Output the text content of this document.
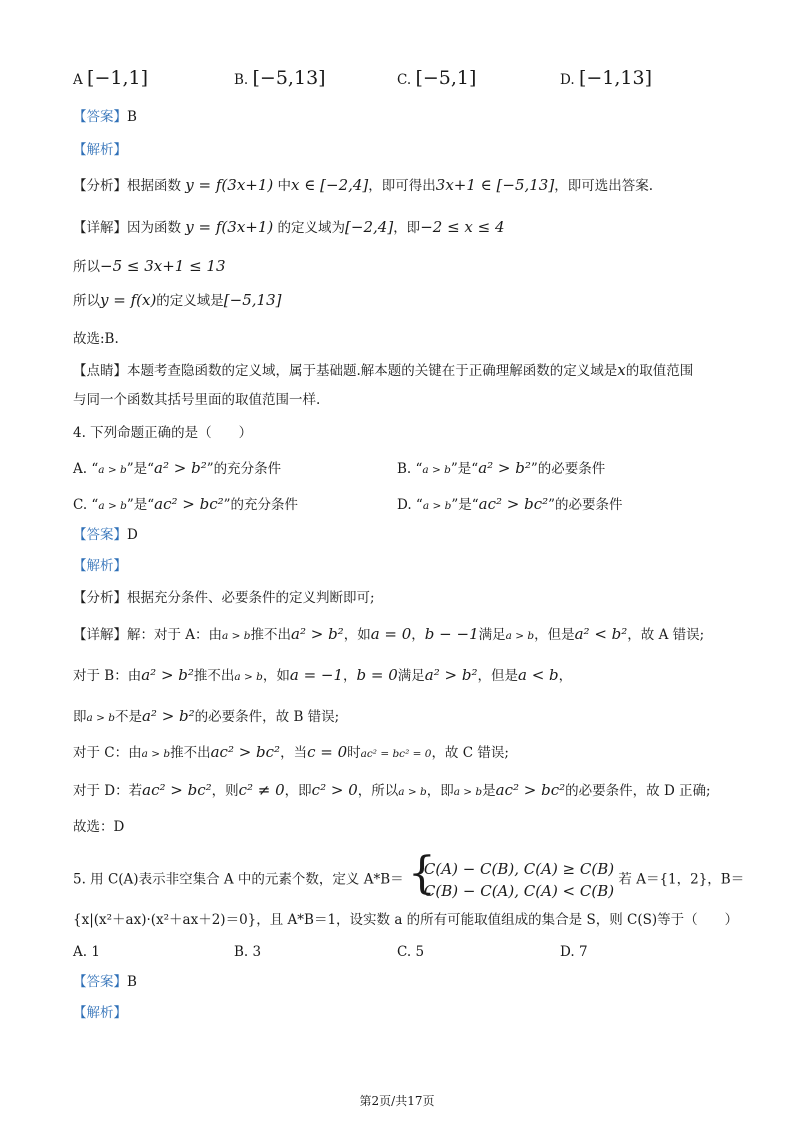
A [−1,1]	B. [−5,13]	C. [−5,1]	D. [−1,13]
【答案】B
【解析】
【分析】根据函数 y = f(3x+1) 中x ∈ [−2,4]，即可得出3x+1 ∈ [−5,13]，即可选出答案.
【详解】因为函数 y = f(3x+1) 的定义域为[−2,4]，即−2 ≤ x ≤ 4
所以−5 ≤ 3x+1 ≤ 13
所以y = f(x)的定义域是[−5,13]
故选:B.
【点睛】本题考查隐函数的定义域，属于基础题.解本题的关键在于正确理解函数的定义域是x的取值范围
与同一个函数其括号里面的取值范围一样.
4. 下列命题正确的是（　　）
A. “a > b”是“a² > b²”的充分条件	B. “a > b”是“a² > b²”的必要条件
C. “a > b”是“ac² > bc²”的充分条件	D. “a > b”是“ac² > bc²”的必要条件
【答案】D
【解析】
【分析】根据充分条件、必要条件的定义判断即可;
【详解】解：对于 A：由a > b推不出a² > b²，如a = 0，b − −1满足a > b，但是a² < b²，故 A 错误;
对于 B：由a² > b²推不出a > b，如a = −1，b = 0满足a² > b²，但是a < b，
即a > b不是a² > b²的必要条件，故 B 错误;
对于 C：由a > b推不出ac² > bc²，当c = 0时ac² = bc² = 0，故 C 错误;
对于 D：若ac² > bc²，则c² ≠ 0，即c² > 0，所以a > b，即a > b是ac² > bc²的必要条件，故 D 正确;
故选：D
5. 用 C(A)表示非空集合 A 中的元素个数，定义 A*B＝ {
C(A) − C(B), C(A) ≥ C(B)
C(B) − C(A), C(A) < C(B)
若 A＝{1，2}，B＝
{x|(x²＋ax)·(x²＋ax＋2)＝0}，且 A*B＝1，设实数 a 的所有可能取值组成的集合是 S，则 C(S)等于（　　）
A. 1	B. 3	C. 5	D. 7
【答案】B
【解析】
第2页/共17页
